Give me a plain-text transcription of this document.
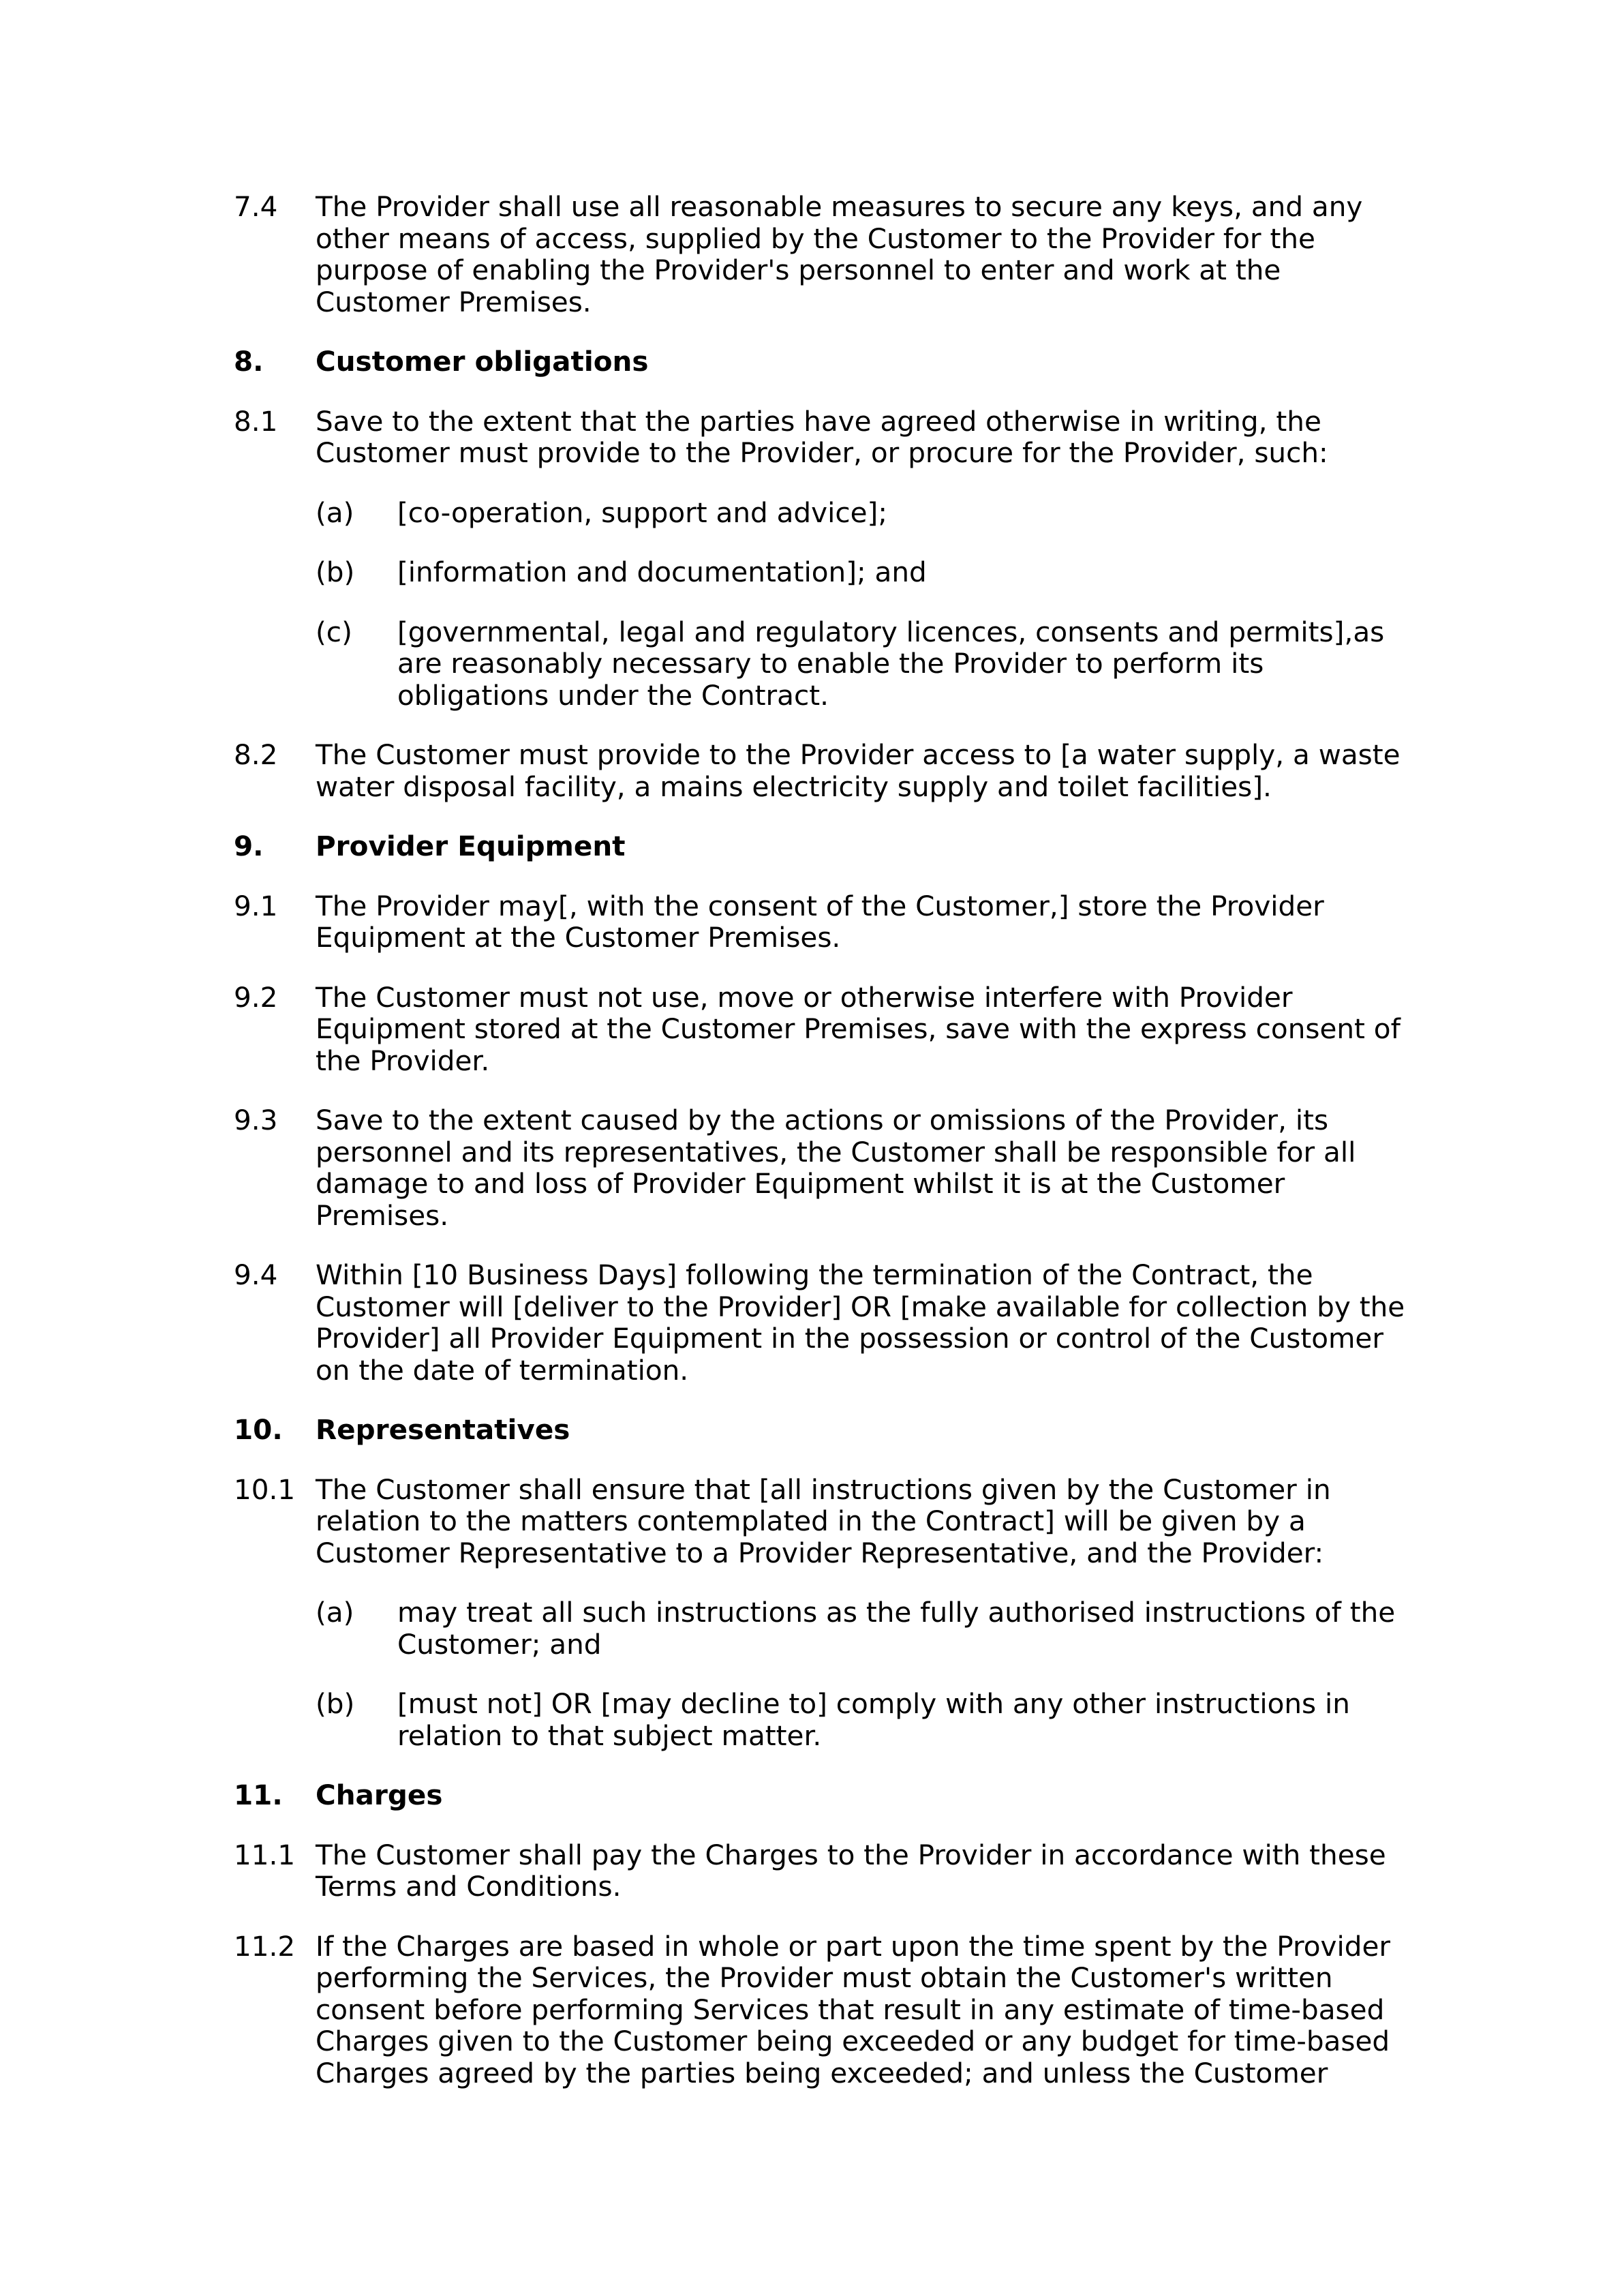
7.4	The Provider shall use all reasonable measures to secure any keys, and any other means of access, supplied by the Customer to the Provider for the purpose of enabling the Provider's personnel to enter and work at the Customer Premises.
8.	Customer obligations
8.1	Save to the extent that the parties have agreed otherwise in writing, the Customer must provide to the Provider, or procure for the Provider, such:
(a)	[co-operation, support and advice];
(b)	[information and documentation]; and
(c)	[governmental, legal and regulatory licences, consents and permits],as are reasonably necessary to enable the Provider to perform its obligations under the Contract.
8.2	The Customer must provide to the Provider access to [a water supply, a waste water disposal facility, a mains electricity supply and toilet facilities].
9.	Provider Equipment
9.1	The Provider may[, with the consent of the Customer,] store the Provider Equipment at the Customer Premises.
9.2	The Customer must not use, move or otherwise interfere with Provider Equipment stored at the Customer Premises, save with the express consent of the Provider.
9.3	Save to the extent caused by the actions or omissions of the Provider, its personnel and its representatives, the Customer shall be responsible for all damage to and loss of Provider Equipment whilst it is at the Customer Premises.
9.4	Within [10 Business Days] following the termination of the Contract, the Customer will [deliver to the Provider] OR [make available for collection by the Provider] all Provider Equipment in the possession or control of the Customer on the date of termination.
10.	Representatives
10.1 The Customer shall ensure that [all instructions given by the Customer in relation to the matters contemplated in the Contract] will be given by a Customer Representative to a Provider Representative, and the Provider:
(a)	may treat all such instructions as the fully authorised instructions of the Customer; and
(b)	[must not] OR [may decline to] comply with any other instructions in relation to that subject matter.
11.	Charges
11.1 The Customer shall pay the Charges to the Provider in accordance with these Terms and Conditions.
11.2 If the Charges are based in whole or part upon the time spent by the Provider performing the Services, the Provider must obtain the Customer's written consent before performing Services that result in any estimate of time-based Charges given to the Customer being exceeded or any budget for time-based Charges agreed by the parties being exceeded; and unless the Customer
